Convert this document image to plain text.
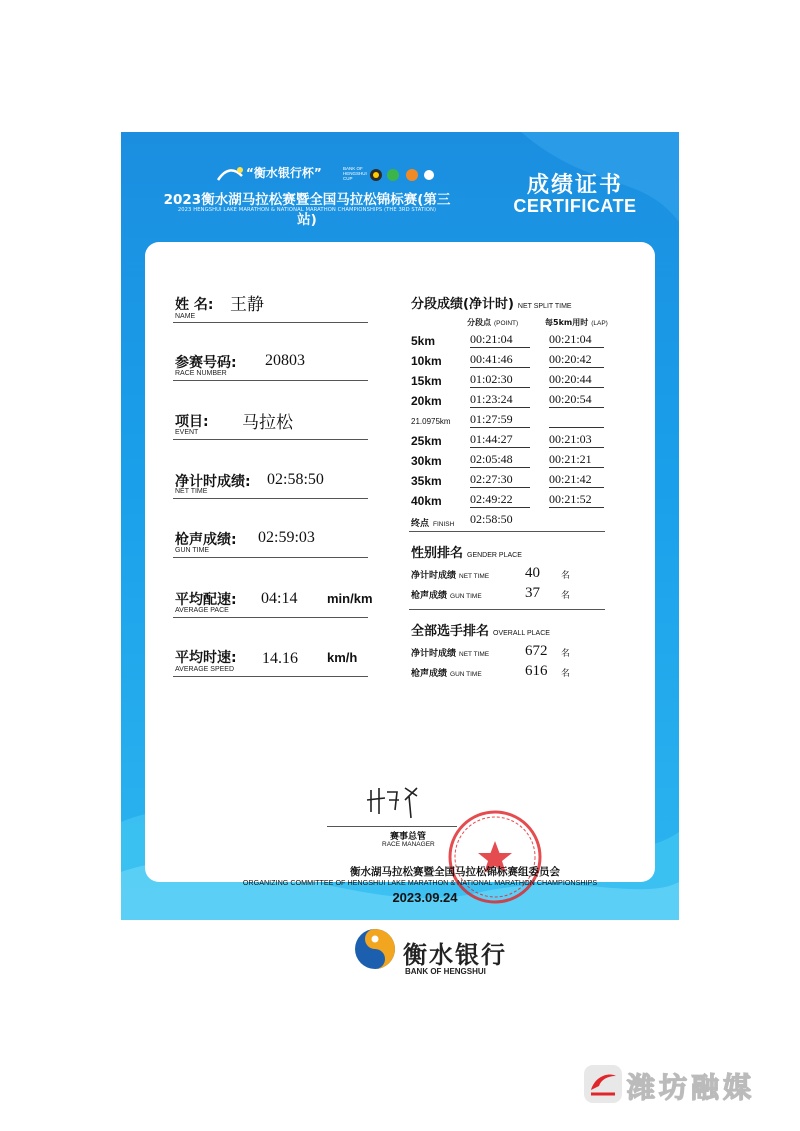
“衡水银行杯”	BANK OF HENGSHUI CUP
2023衡水湖马拉松赛暨全国马拉松锦标赛(第三站)
2023 HENGSHUI LAKE MARATHON & NATIONAL MARATHON CHAMPIONSHIPS (THE 3RD STATION)
成绩证书
CERTIFICATE
姓 名: 王静
NAME
参赛号码: 20803
RACE NUMBER
项目: 马拉松
EVENT
净计时成绩: 02:58:50
NET TIME
枪声成绩: 02:59:03
GUN TIME
平均配速: 04:14 min/km
AVERAGE PACE
平均时速: 14.16 km/h
AVERAGE SPEED
分段成绩(净计时) NET SPLIT TIME
分段点 (POINT)	每5km用时 (LAP)
5km	00:21:04	00:21:04
10km 00:41:46	00:20:42
15km 01:02:30	00:20:44
20km 01:23:24	00:20:54
21.0975km 01:27:59
25km 01:44:27	00:21:03
30km 02:05:48	00:21:21
35km 02:27:30	00:21:42
40km 02:49:22	00:21:52
终点 FINISH 02:58:50
性别排名 GENDER PLACE
净计时成绩 NET TIME 40 名
枪声成绩 GUN TIME	37 名
全部选手排名 OVERALL PLACE
净计时成绩 NET TIME 672 名
枪声成绩 GUN TIME	616 名
赛事总管
RACE MANAGER
衡水湖马拉松赛暨全国马拉松锦标赛组委员会
ORGANIZING COMMITTEE OF HENGSHUI LAKE MARATHON & NATIONAL MARATHON CHAMPIONSHIPS
2023.09.24
衡水银行
BANK OF HENGSHUI
潍坊融媒
